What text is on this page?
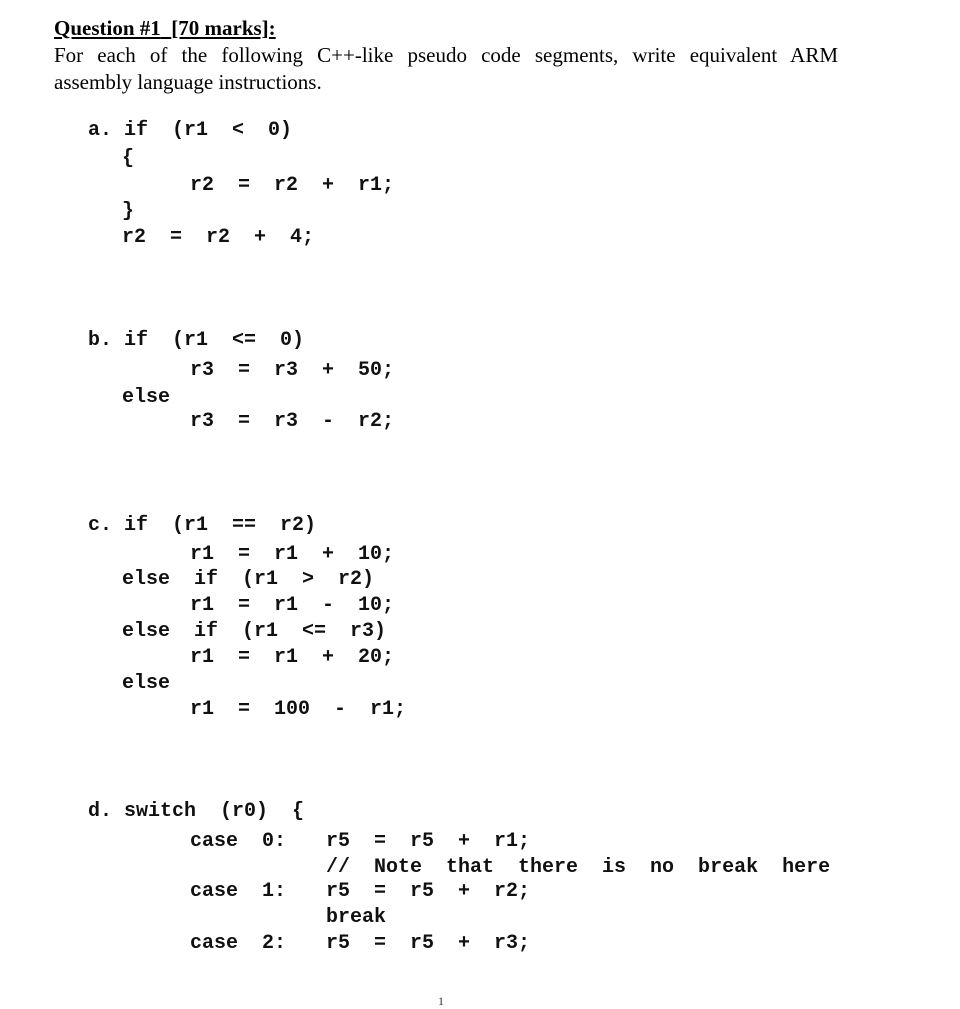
Question #1 [70 marks]:
For each of the following C++-like pseudo code segments, write equivalent ARM
assembly language instructions.
a. if  (r1  <  0)
{
r2  =  r2  +  r1;
}
r2  =  r2  +  4;
b. if  (r1  <=  0)
r3  =  r3  +  50;
else
r3  =  r3  -  r2;
c. if  (r1  ==  r2)
r1  =  r1  +  10;
else  if  (r1  >  r2)
r1  =  r1  -  10;
else  if  (r1  <=  r3)
r1  =  r1  +  20;
else
r1  =  100  -  r1;
d. switch  (r0)  {
case  0: r5  =  r5  +  r1;
//  Note  that  there  is  no  break  here
case  1: r5  =  r5  +  r2;
break
case  2: r5  =  r5  +  r3;
1
